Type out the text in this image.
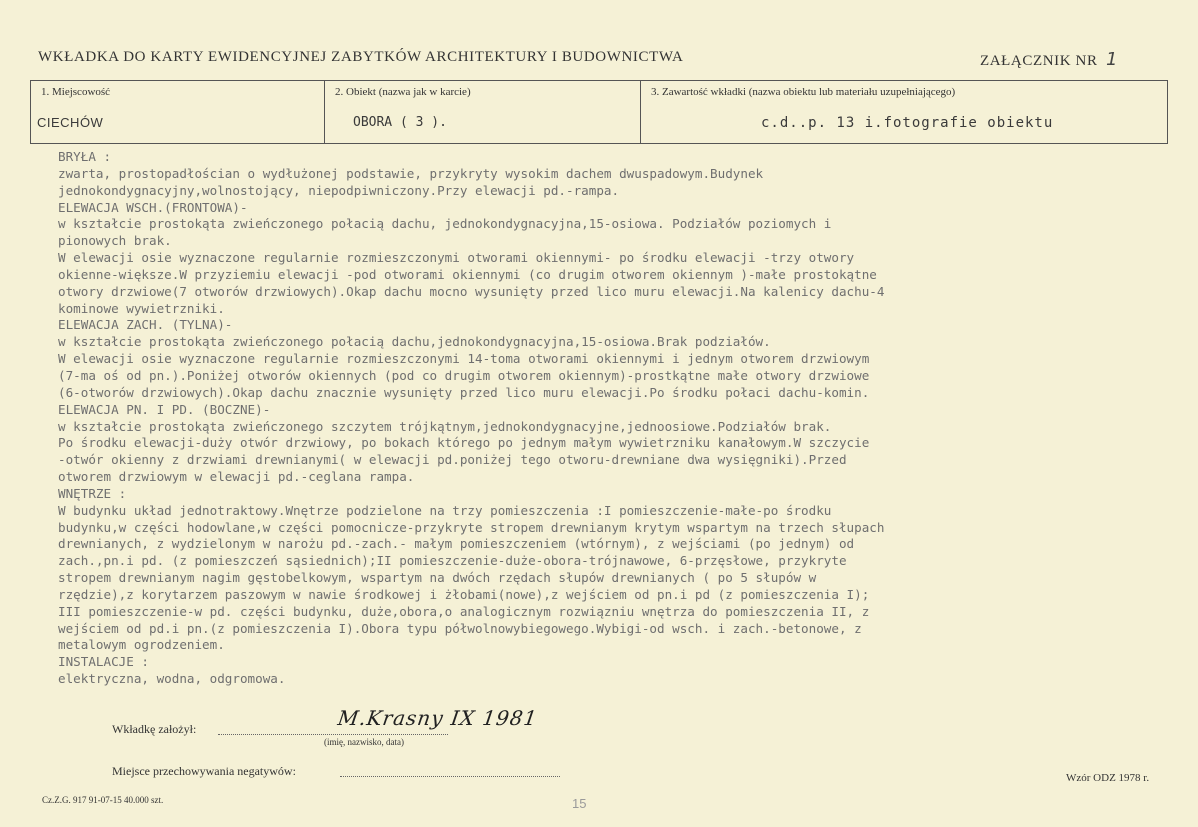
WKŁADKA DO KARTY EWIDENCYJNEJ ZABYTKÓW ARCHITEKTURY I BUDOWNICTWA	ZAŁĄCZNIK NR 1
1. Miejscowość
CIECHÓW
2. Obiekt (nazwa jak w karcie)
OBORA ( 3 ).
3. Zawartość wkładki (nazwa obiektu lub materiału uzupełniającego)
c.d..p. 13 i.fotografie obiektu
BRYŁA :
zwarta, prostopadłościan o wydłużonej podstawie, przykryty wysokim dachem dwuspadowym.Budynek
jednokondygnacyjny,wolnostojący, niepodpiwniczony.Przy elewacji pd.-rampa.
ELEWACJA WSCH.(FRONTOWA)-
w kształcie prostokąta zwieńczonego połacią dachu, jednokondygnacyjna,15-osiowa. Podziałów poziomych i
pionowych brak.
W elewacji osie wyznaczone regularnie rozmieszczonymi otworami okiennymi- po środku elewacji -trzy otwory
okienne-większe.W przyziemiu elewacji -pod otworami okiennymi (co drugim otworem okiennym )-małe prostokątne
otwory drzwiowe(7 otworów drzwiowych).Okap dachu mocno wysunięty przed lico muru elewacji.Na kalenicy dachu-4
kominowe wywietrzniki.
ELEWACJA ZACH. (TYLNA)-
w kształcie prostokąta zwieńczonego połacią dachu,jednokondygnacyjna,15-osiowa.Brak podziałów.
W elewacji osie wyznaczone regularnie rozmieszczonymi 14-toma otworami okiennymi i jednym otworem drzwiowym
(7-ma oś od pn.).Poniżej otworów okiennych (pod co drugim otworem okiennym)-prostkątne małe otwory drzwiowe
(6-otworów drzwiowych).Okap dachu znacznie wysunięty przed lico muru elewacji.Po środku połaci dachu-komin.
ELEWACJA PN. I PD. (BOCZNE)-
w kształcie prostokąta zwieńczonego szczytem trójkątnym,jednokondygnacyjne,jednoosiowe.Podziałów brak.
Po środku elewacji-duży otwór drzwiowy, po bokach którego po jednym małym wywietrzniku kanałowym.W szczycie
-otwór okienny z drzwiami drewnianymi( w elewacji pd.poniżej tego otworu-drewniane dwa wysięgniki).Przed
otworem drzwiowym w elewacji pd.-ceglana rampa.
WNĘTRZE :
W budynku układ jednotraktowy.Wnętrze podzielone na trzy pomieszczenia :I pomieszczenie-małe-po środku
budynku,w części hodowlane,w części pomocnicze-przykryte stropem drewnianym krytym wspartym na trzech słupach
drewnianych, z wydzielonym w narożu pd.-zach.- małym pomieszczeniem (wtórnym), z wejściami (po jednym) od
zach.,pn.i pd. (z pomieszczeń sąsiednich);II pomieszczenie-duże-obora-trójnawowe, 6-przęsłowe, przykryte
stropem drewnianym nagim gęstobelkowym, wspartym na dwóch rzędach słupów drewnianych ( po 5 słupów w
rzędzie),z korytarzem paszowym w nawie środkowej i żłobami(nowe),z wejściem od pn.i pd (z pomieszczenia I);
III pomieszczenie-w pd. części budynku, duże,obora,o analogicznym rozwiązniu wnętrza do pomieszczenia II, z
wejściem od pd.i pn.(z pomieszczenia I).Obora typu półwolnowybiegowego.Wybigi-od wsch. i zach.-betonowe, z
metalowym ogrodzeniem.
INSTALACJE :
elektryczna, wodna, odgromowa.
Wkładkę założył:	M.Krasny IX 1981
(imię, nazwisko, data)
Miejsce przechowywania negatywów:
Cz.Z.G. 917 91-07-15 40.000 szt.
Wzór ODZ 1978 r.
15
